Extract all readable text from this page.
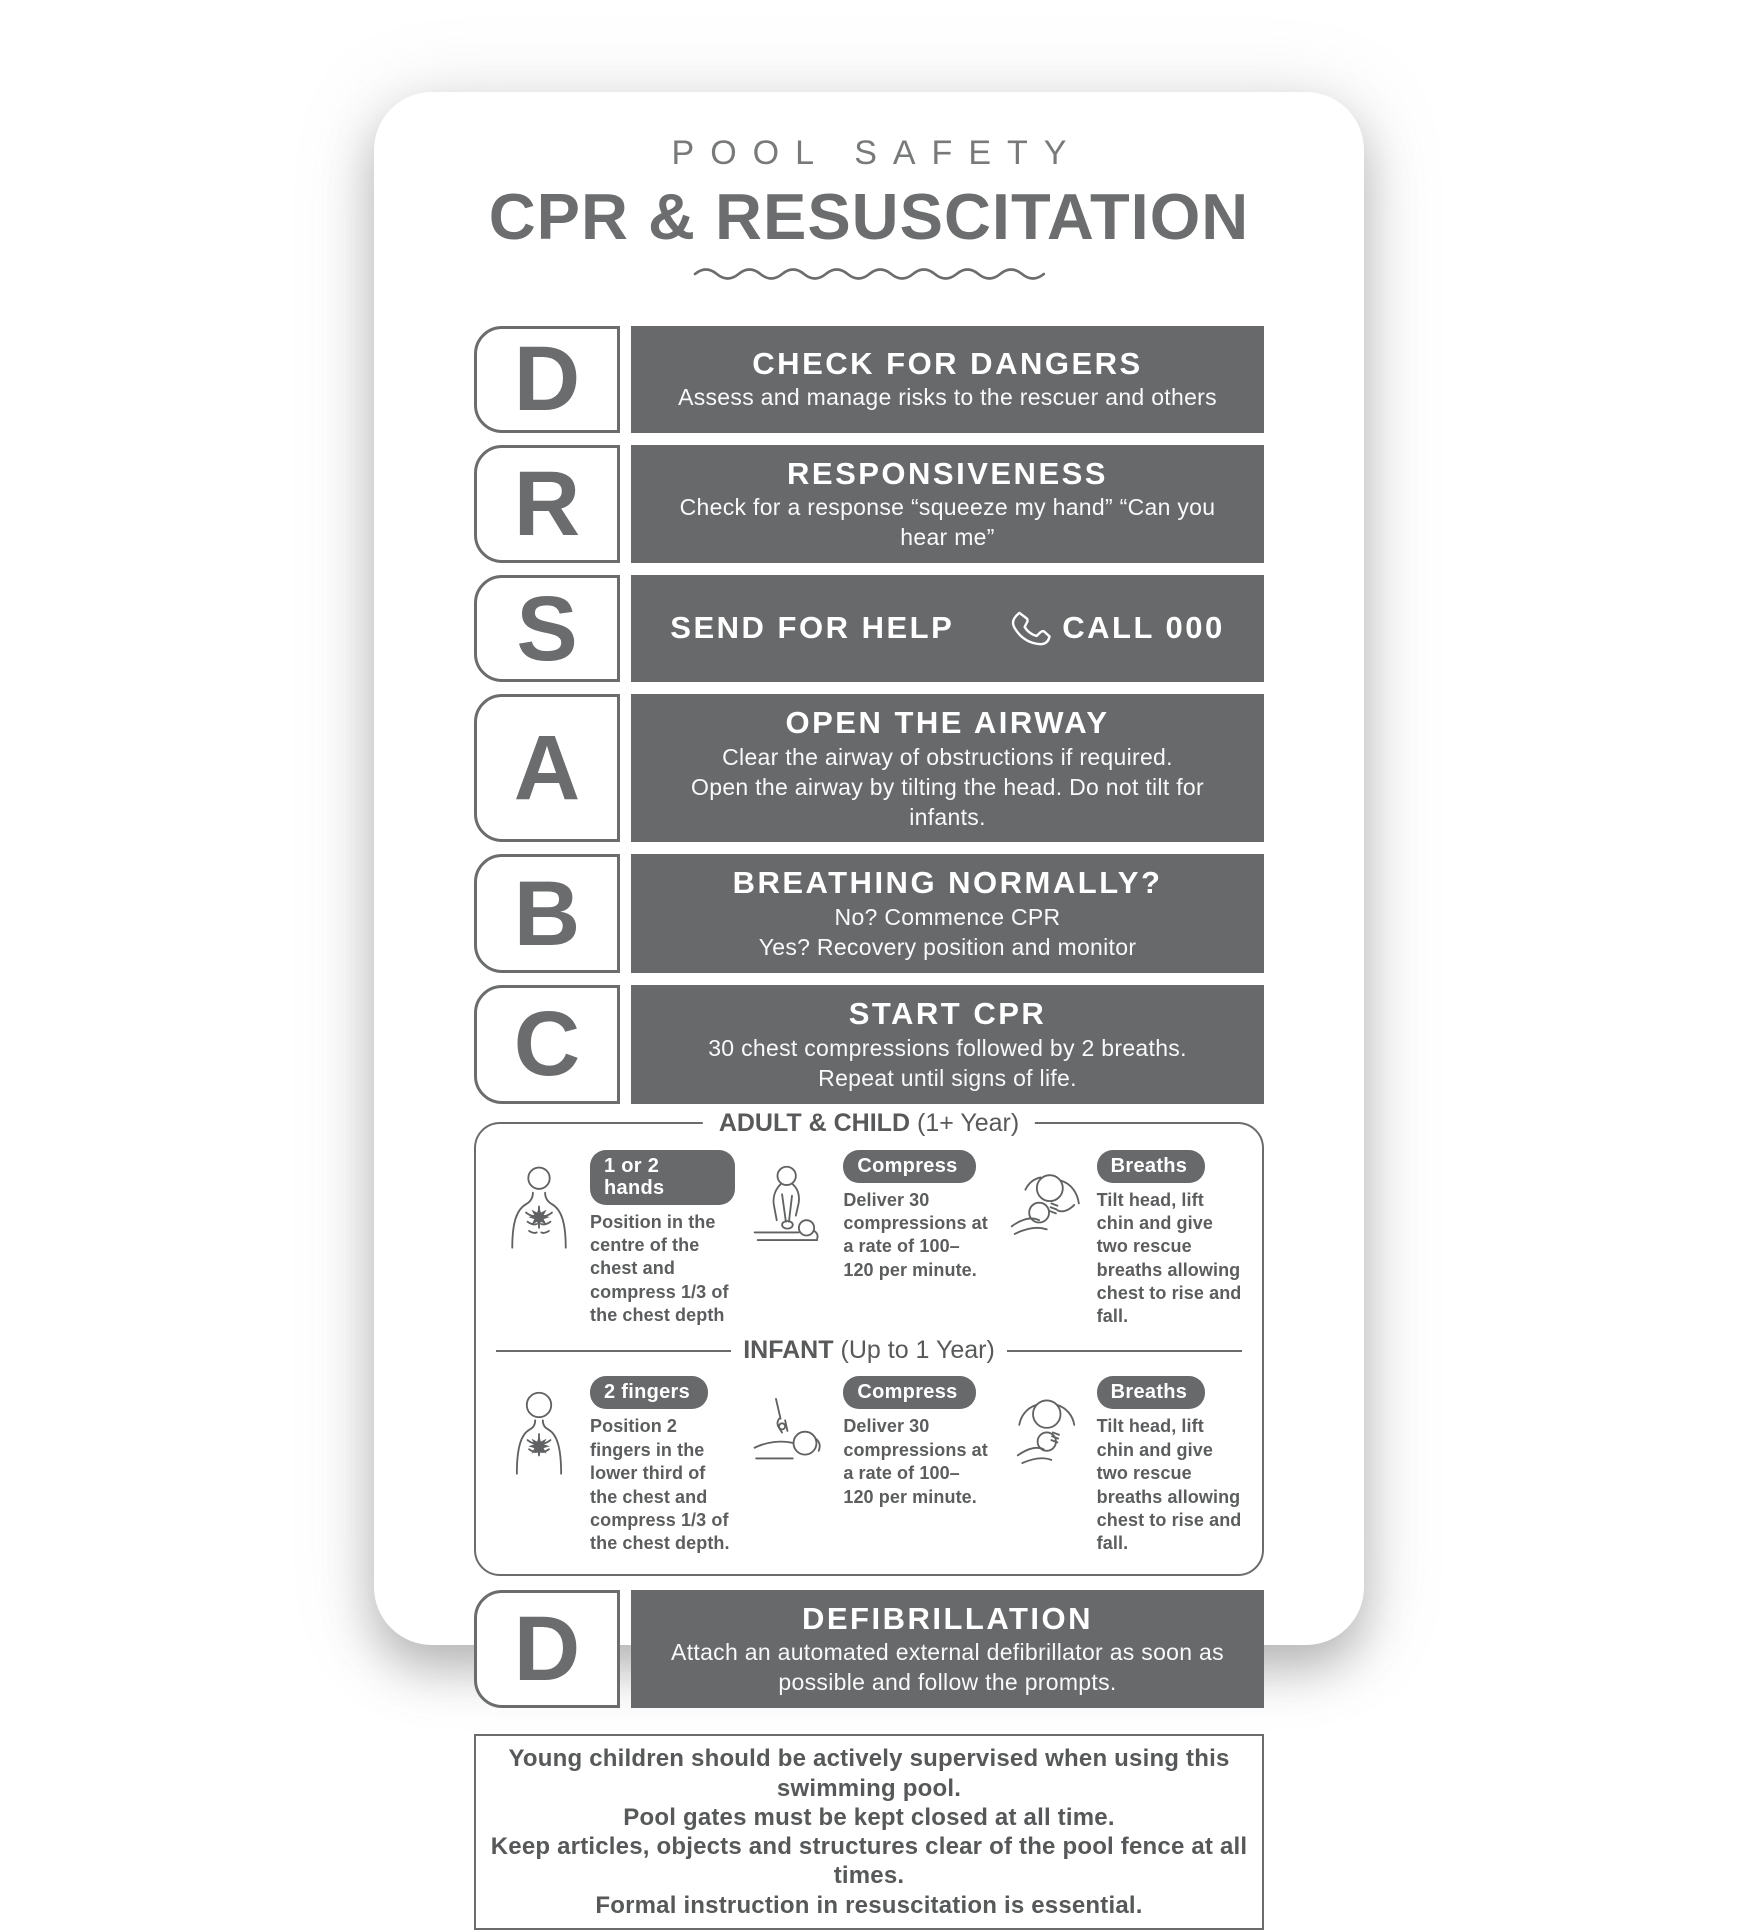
POOL SAFETY
CPR & RESUSCITATION
D	CHECK FOR DANGERS
Assess and manage risks to the rescuer and others
R	RESPONSIVENESS
Check for a response “squeeze my hand” “Can you hear me”
S	SEND FOR HELP	CALL 000
A	OPEN THE AIRWAY
Clear the airway of obstructions if required.
Open the airway by tilting the head. Do not tilt for infants.
B	BREATHING NORMALLY?
No? Commence CPR
Yes? Recovery position and monitor
C	START CPR
30 chest compressions followed by 2 breaths.
Repeat until signs of life.
ADULT & CHILD (1+ Year)
1 or 2 hands

Position in the centre of the chest and compress 1/3 of the chest depth

Compress

Deliver 30 compressions at a rate of 100–120 per minute.

Breaths

Tilt head, lift chin and give two rescue breaths allowing chest to rise and fall.

INFANT (Up to 1 Year)
2 fingers

Position 2 fingers in the lower third of the chest and compress 1/3 of the chest depth.

Compress

Deliver 30 compressions at a rate of 100–120 per minute.

Breaths

Tilt head, lift chin and give two rescue breaths allowing chest to rise and fall.

D	DEFIBRILLATION
Attach an automated external defibrillator as soon as
possible and follow the prompts.
Young children should be actively supervised when using this swimming pool.
Pool gates must be kept closed at all time.
Keep articles, objects and structures clear of the pool fence at all times.
Formal instruction in resuscitation is essential.
